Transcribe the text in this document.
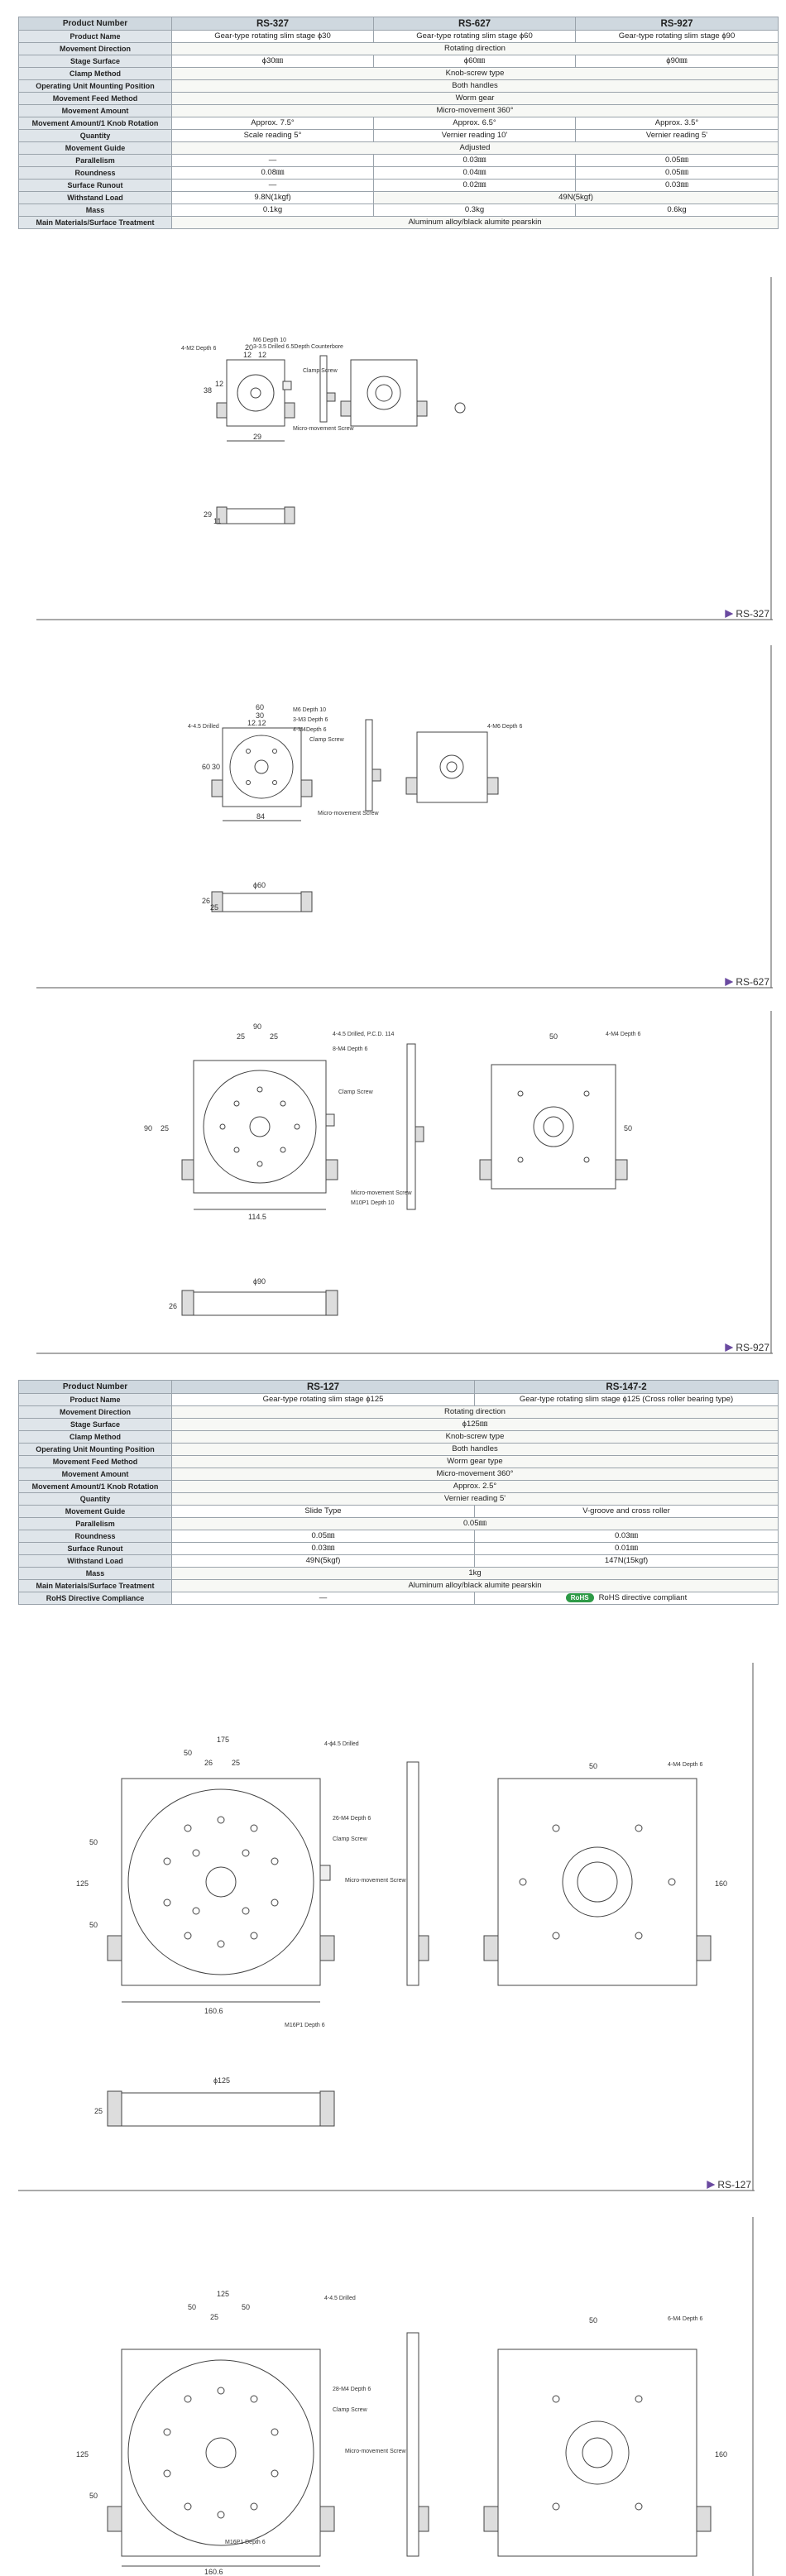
Product Number	RS-327	RS-627	RS-927
Product Name	Gear-type rotating slim stage ϕ30	Gear-type rotating slim stage ϕ60	Gear-type rotating slim stage ϕ90
Movement Direction	Rotating direction		
Stage Surface	ϕ30㎜	ϕ60㎜	ϕ90㎜
Clamp Method	Knob-screw type		
Operating Unit Mounting Position	Both handles		
Movement Feed Method	Worm gear		
Movement Amount	Micro-movement 360°		
Movement Amount/1 Knob Rotation	Approx. 7.5°	Approx. 6.5°	Approx. 3.5°
Quantity	Scale reading 5°	Vernier reading 10'	Vernier reading 5'
Movement Guide	Adjusted		
Parallelism	—	0.03㎜	0.05㎜
Roundness	0.08㎜	0.04㎜	0.05㎜
Surface Runout	—	0.02㎜	0.03㎜
Withstand Load	9.8N(1kgf)	49N(5kgf)	
Mass	0.1kg	0.3kg	0.6kg
Main Materials/Surface Treatment	Aluminum alloy/black alumite pearskin		
29
4-M2 Depth 6
M6 Depth 10
20
12 12
3-3.5 Drilled 6.5Depth Counterbore
Clamp Screw
38
12
Micro-movement Screw
29
11
RS-327
4-4.5 Drilled
60
30
12.12
M6 Depth 10
3-M3 Depth 6
4-M4Depth 6
Clamp Screw
60 30
84	Micro-movement Screw
4-M6 Depth 6
ϕ60
26
25
RS-627
4-4.5 Drilled, P.C.D. 114
90
25	25
8-M4 Depth 6
Clamp Screw
90 25
114.5
Micro-movement Screw
M10P1 Depth 10
4-M4 Depth 6
50
50
ϕ90
26
RS-927
Product Number	RS-127	RS-147-2
Product Name	Gear-type rotating slim stage ϕ125	Gear-type rotating slim stage ϕ125 (Cross roller bearing type)
Movement Direction	Rotating direction	
Stage Surface	ϕ125㎜	
Clamp Method	Knob-screw type	
Operating Unit Mounting Position	Both handles	
Movement Feed Method	Worm gear type	
Movement Amount	Micro-movement 360°	
Movement Amount/1 Knob Rotation	Approx. 2.5°	
Quantity	Vernier reading 5'	
Movement Guide	Slide Type	V-groove and cross roller
Parallelism	0.05㎜	
Roundness	0.05㎜	0.03㎜
Surface Runout	0.03㎜	0.01㎜
Withstand Load	49N(5kgf)	147N(15kgf)
Mass	1kg	
Main Materials/Surface Treatment	Aluminum alloy/black alumite pearskin	
RoHS Directive Compliance	—	RoHS RoHS directive compliant
175
50
26	25
4-ϕ4.5 Drilled
4-M4 Depth 6
50
26-M4 Depth 6
Clamp Screw
50
125
50
Micro-movement Screw
160.6
M16P1 Depth 6
160
ϕ125
25
RS-127
125
50
25
50
4-4.5 Drilled
6-M4 Depth 6
50
28-M4 Depth 6
Clamp Screw
125
50
Micro-movement Screw
M16P1 Depth 6
160.6
160
